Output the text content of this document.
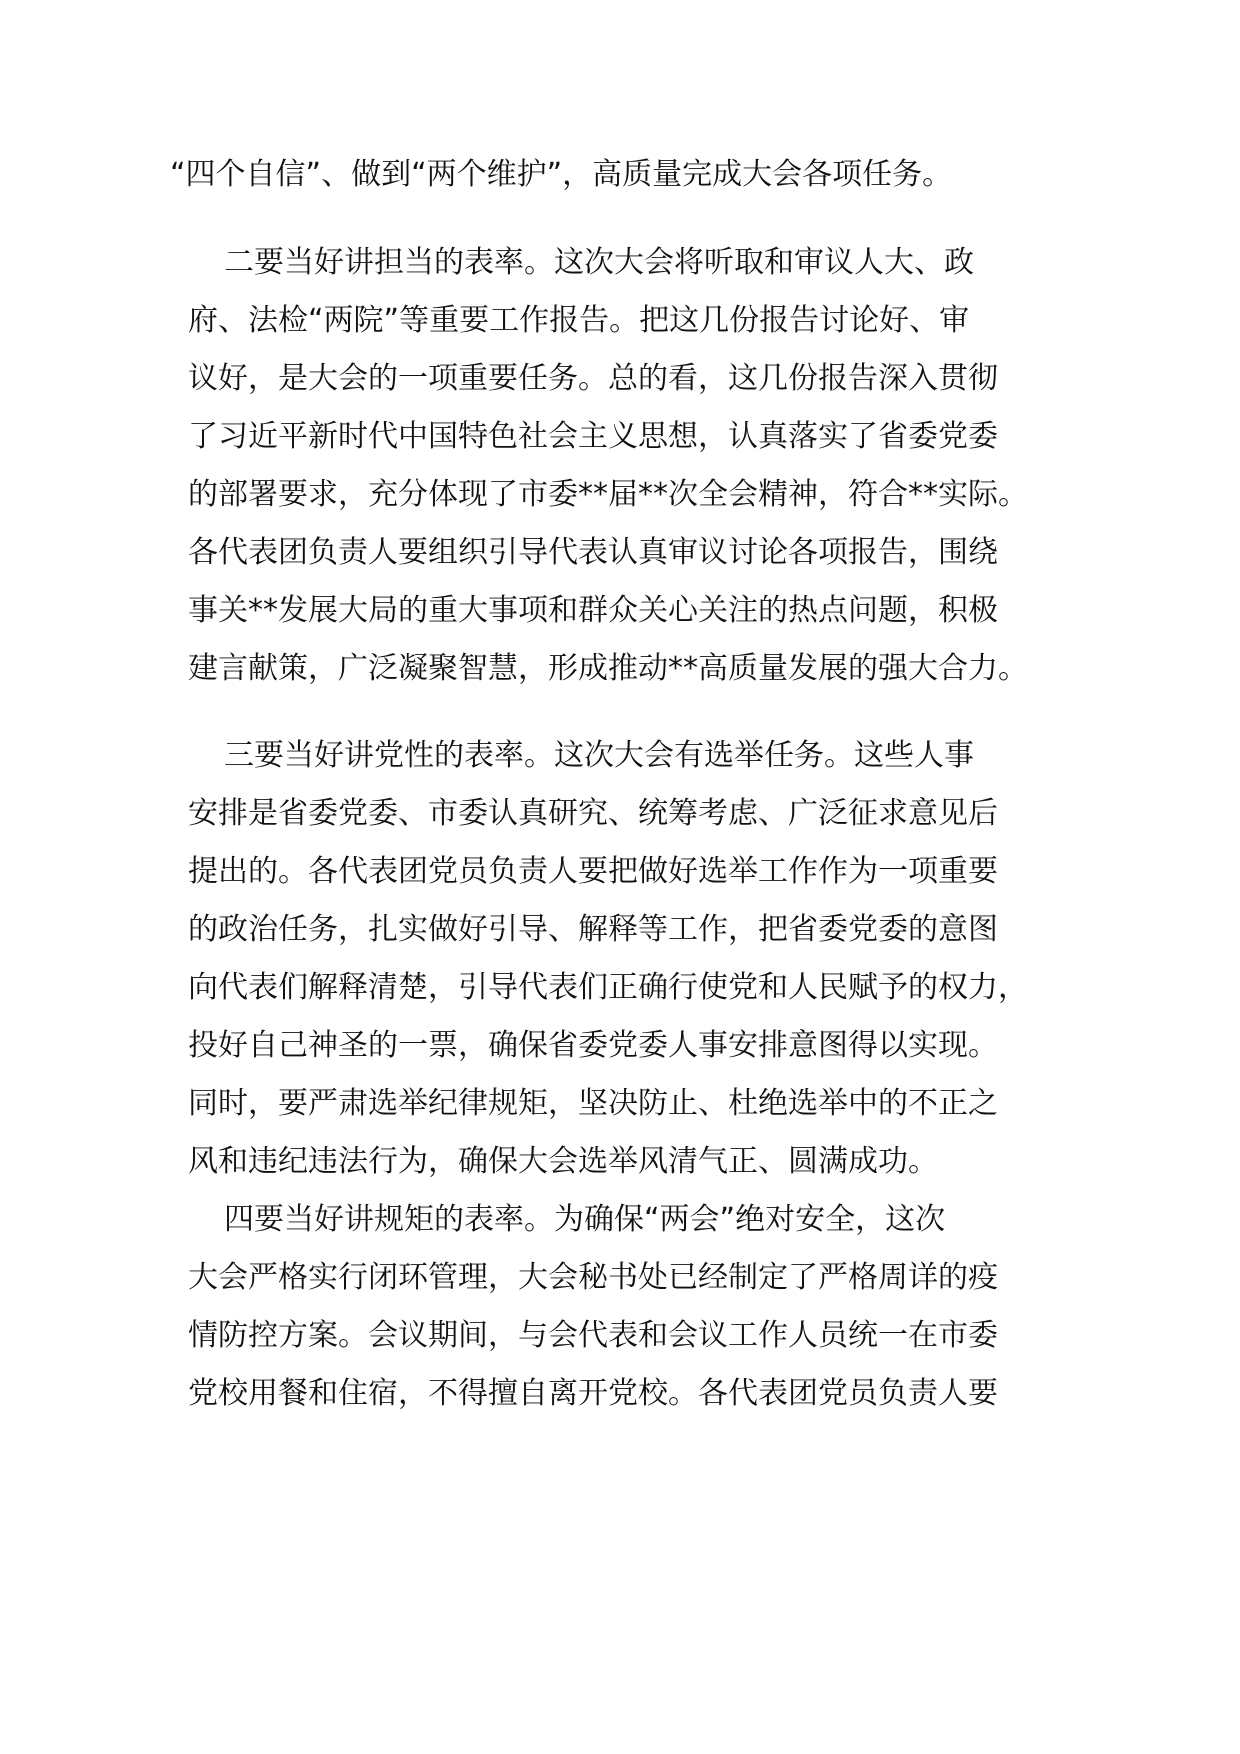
“四个自信”、做到“两个维护”，高质量完成大会各项任务。
二要当好讲担当的表率。这次大会将听取和审议人大、政
府、法检“两院”等重要工作报告。把这几份报告讨论好、审
议好，是大会的一项重要任务。总的看，这几份报告深入贯彻
了习近平新时代中国特色社会主义思想，认真落实了省委党委
的部署要求，充分体现了市委**届**次全会精神，符合**实际。
各代表团负责人要组织引导代表认真审议讨论各项报告，围绕
事关**发展大局的重大事项和群众关心关注的热点问题，积极
建言献策，广泛凝聚智慧，形成推动**高质量发展的强大合力。
三要当好讲党性的表率。这次大会有选举任务。这些人事
安排是省委党委、市委认真研究、统筹考虑、广泛征求意见后
提出的。各代表团党员负责人要把做好选举工作作为一项重要
的政治任务，扎实做好引导、解释等工作，把省委党委的意图
向代表们解释清楚，引导代表们正确行使党和人民赋予的权力，
投好自己神圣的一票，确保省委党委人事安排意图得以实现。
同时，要严肃选举纪律规矩，坚决防止、杜绝选举中的不正之
风和违纪违法行为，确保大会选举风清气正、圆满成功。
四要当好讲规矩的表率。为确保“两会”绝对安全，这次
大会严格实行闭环管理，大会秘书处已经制定了严格周详的疫
情防控方案。会议期间，与会代表和会议工作人员统一在市委
党校用餐和住宿，不得擅自离开党校。各代表团党员负责人要
